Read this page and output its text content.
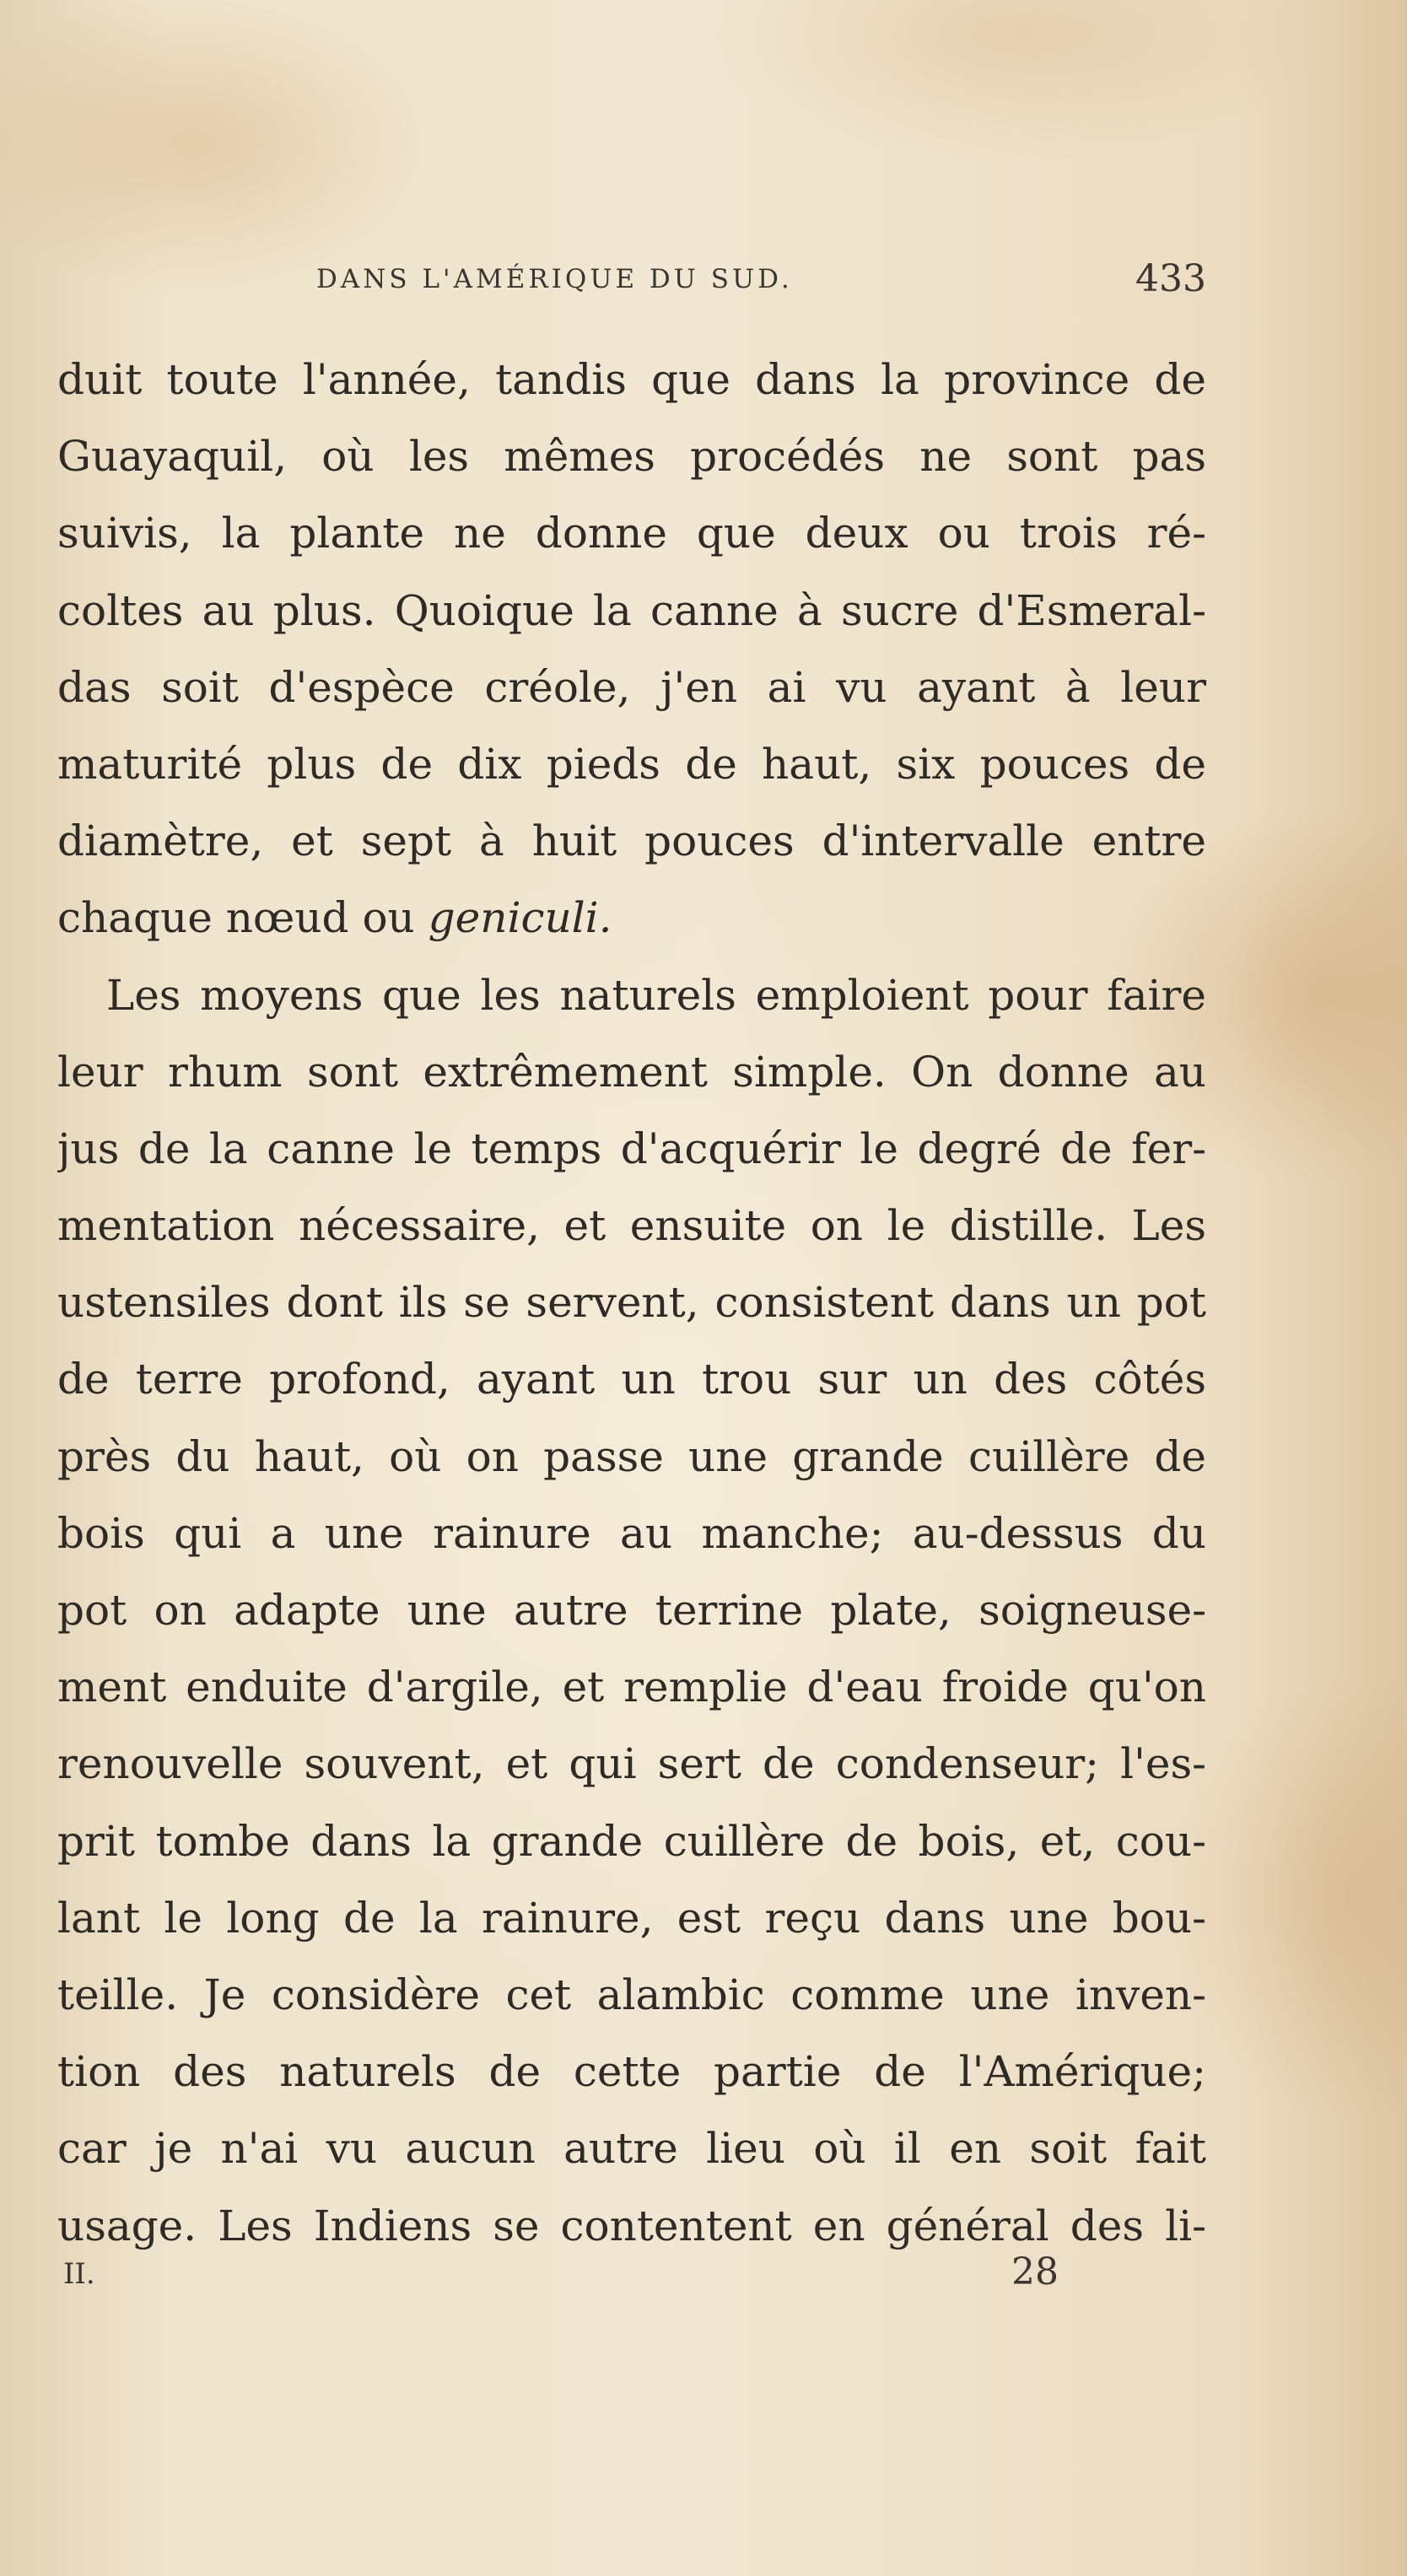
DANS L'AMÉRIQUE DU SUD.	433
duit toute l'année, tandis que dans la province de
Guayaquil, où les mêmes procédés ne sont pas
suivis, la plante ne donne que deux ou trois ré-
coltes au plus. Quoique la canne à sucre d'Esmeral-
das soit d'espèce créole, j'en ai vu ayant à leur
maturité plus de dix pieds de haut, six pouces de
diamètre, et sept à huit pouces d'intervalle entre
chaque nœud ou geniculi.
Les moyens que les naturels emploient pour faire
leur rhum sont extrêmement simple. On donne au
jus de la canne le temps d'acquérir le degré de fer-
mentation nécessaire, et ensuite on le distille. Les
ustensiles dont ils se servent, consistent dans un pot
de terre profond, ayant un trou sur un des côtés
près du haut, où on passe une grande cuillère de
bois qui a une rainure au manche; au-dessus du
pot on adapte une autre terrine plate, soigneuse-
ment enduite d'argile, et remplie d'eau froide qu'on
renouvelle souvent, et qui sert de condenseur; l'es-
prit tombe dans la grande cuillère de bois, et, cou-
lant le long de la rainure, est reçu dans une bou-
teille. Je considère cet alambic comme une inven-
tion des naturels de cette partie de l'Amérique;
car je n'ai vu aucun autre lieu où il en soit fait
usage. Les Indiens se contentent en général des li-
II.	28
